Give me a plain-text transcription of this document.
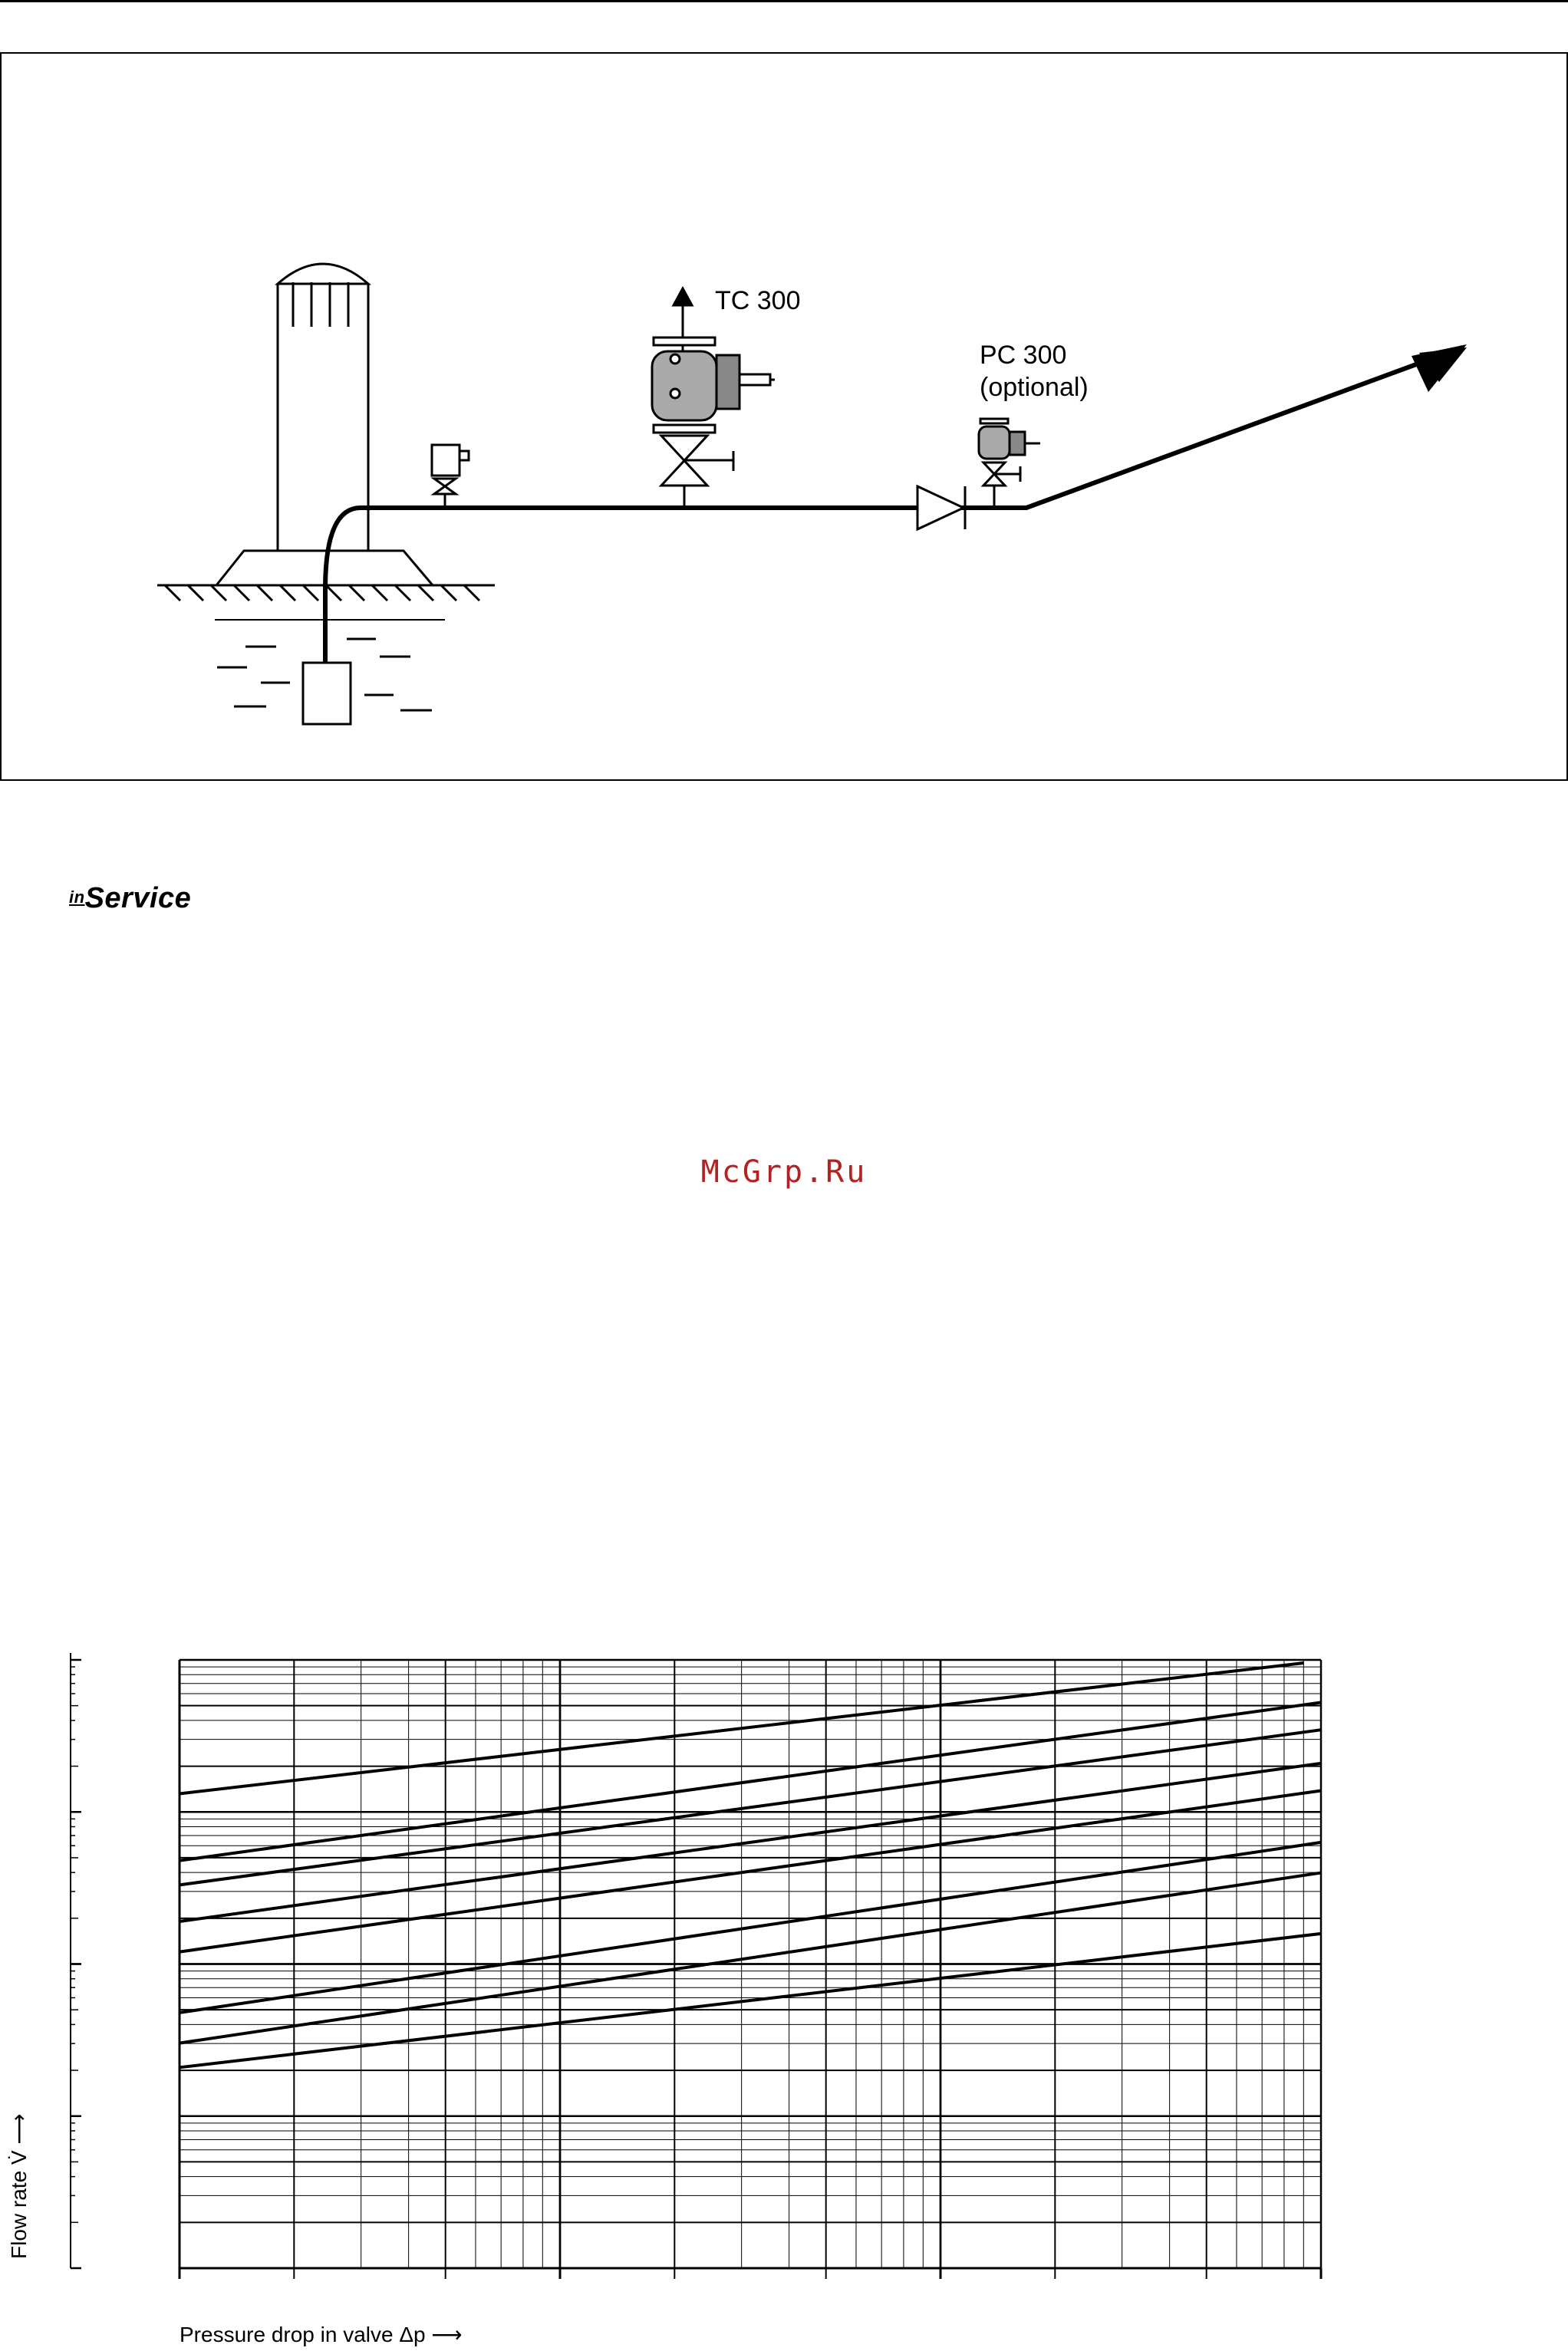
TC 300
PC 300
(optional)
inService
McGrp.Ru
Flow rate V̇ ⟶
Pressure drop in valve Δp ⟶
